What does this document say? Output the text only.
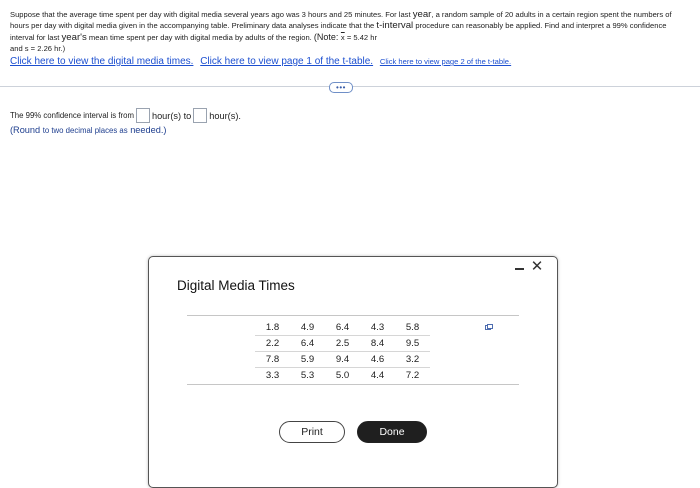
Suppose that the average time spent per day with digital media several years ago was 3 hours and 25 minutes. For last year, a random sample of 20 adults in a certain region spent the numbers of hours per day with digital media given in the accompanying table. Preliminary data analyses indicate that the t-interval procedure can reasonably be applied. Find and interpret a 99% confidence interval for last year's mean time spent per day with digital media by adults of the region. (Note: $\overline{x} = 5.42$ hr
and s = 2.26 hr.)
Click here to view the digital media times. Click here to view page 1 of the t-table. Click here to view page 2 of the t-table.
•••
The 99% confidence interval is from hour(s) to hour(s).
(Round to two decimal places as needed.)
Digital Media Times
✕
1.8	4.9	6.4	4.3	5.8
2.2	6.4	2.5	8.4	9.5
7.8	5.9	9.4	4.6	3.2
3.3	5.3	5.0	4.4	7.2
Print	Done
